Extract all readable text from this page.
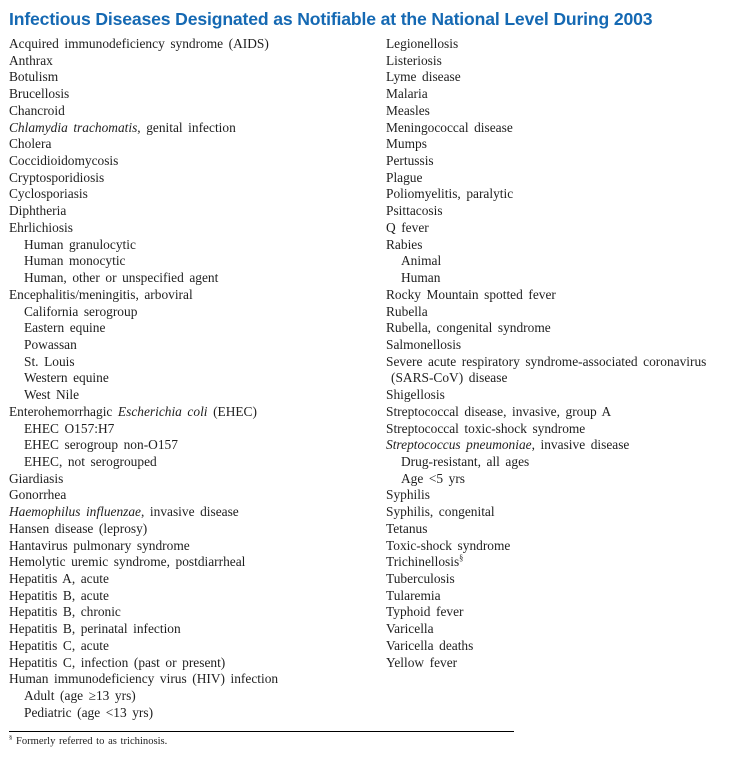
Infectious Diseases Designated as Notifiable at the National Level During 2003
Acquired immunodeficiency syndrome (AIDS)
Anthrax
Botulism
Brucellosis
Chancroid
Chlamydia trachomatis, genital infection
Cholera
Coccidioidomycosis
Cryptosporidiosis
Cyclosporiasis
Diphtheria
Ehrlichiosis
Human granulocytic
Human monocytic
Human, other or unspecified agent
Encephalitis/meningitis, arboviral
California serogroup
Eastern equine
Powassan
St. Louis
Western equine
West Nile
Enterohemorrhagic Escherichia coli (EHEC)
EHEC O157:H7
EHEC serogroup non-O157
EHEC, not serogrouped
Giardiasis
Gonorrhea
Haemophilus influenzae, invasive disease
Hansen disease (leprosy)
Hantavirus pulmonary syndrome
Hemolytic uremic syndrome, postdiarrheal
Hepatitis A, acute
Hepatitis B, acute
Hepatitis B, chronic
Hepatitis B, perinatal infection
Hepatitis C, acute
Hepatitis C, infection (past or present)
Human immunodeficiency virus (HIV) infection
Adult (age ≥13 yrs)
Pediatric (age <13 yrs)
Legionellosis
Listeriosis
Lyme disease
Malaria
Measles
Meningococcal disease
Mumps
Pertussis
Plague
Poliomyelitis, paralytic
Psittacosis
Q fever
Rabies
Animal
Human
Rocky Mountain spotted fever
Rubella
Rubella, congenital syndrome
Salmonellosis
Severe acute respiratory syndrome-associated coronavirus
(SARS-CoV) disease
Shigellosis
Streptococcal disease, invasive, group A
Streptococcal toxic-shock syndrome
Streptococcus pneumoniae, invasive disease
Drug-resistant, all ages
Age <5 yrs
Syphilis
Syphilis, congenital
Tetanus
Toxic-shock syndrome
Trichinellosis§
Tuberculosis
Tularemia
Typhoid fever
Varicella
Varicella deaths
Yellow fever
§ Formerly referred to as trichinosis.
